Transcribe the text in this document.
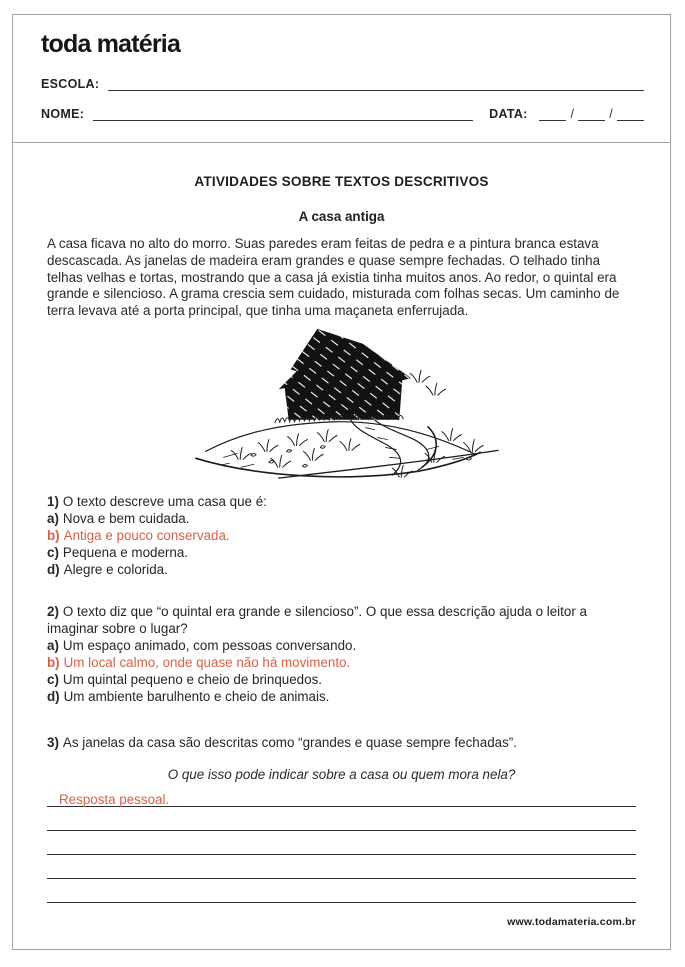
toda matéria
ESCOLA:
NOME:	DATA:	/	/
ATIVIDADES SOBRE TEXTOS DESCRITIVOS
A casa antiga

A casa ficava no alto do morro. Suas paredes eram feitas de pedra e a pintura branca estava descascada. As janelas de madeira eram grandes e quase sempre fechadas. O telhado tinha telhas velhas e tortas, mostrando que a casa já existia tinha muitos anos. Ao redor, o quintal era grande e silencioso. A grama crescia sem cuidado, misturada com folhas secas. Um caminho de terra levava até a porta principal, que tinha uma maçaneta enferrujada.

1) O texto descreve uma casa que é:

a) Nova e bem cuidada.
b) Antiga e pouco conservada.
c) Pequena e moderna.
d) Alegre e colorida.

2) O texto diz que “o quintal era grande e silencioso”. O que essa descrição ajuda o leitor a imaginar sobre o lugar?

a) Um espaço animado, com pessoas conversando.
b) Um local calmo, onde quase não há movimento.
c) Um quintal pequeno e cheio de brinquedos.
d) Um ambiente barulhento e cheio de animais.

3) As janelas da casa são descritas como “grandes e quase sempre fechadas”.

O que isso pode indicar sobre a casa ou quem mora nela?

Resposta pessoal.
www.todamateria.com.br
